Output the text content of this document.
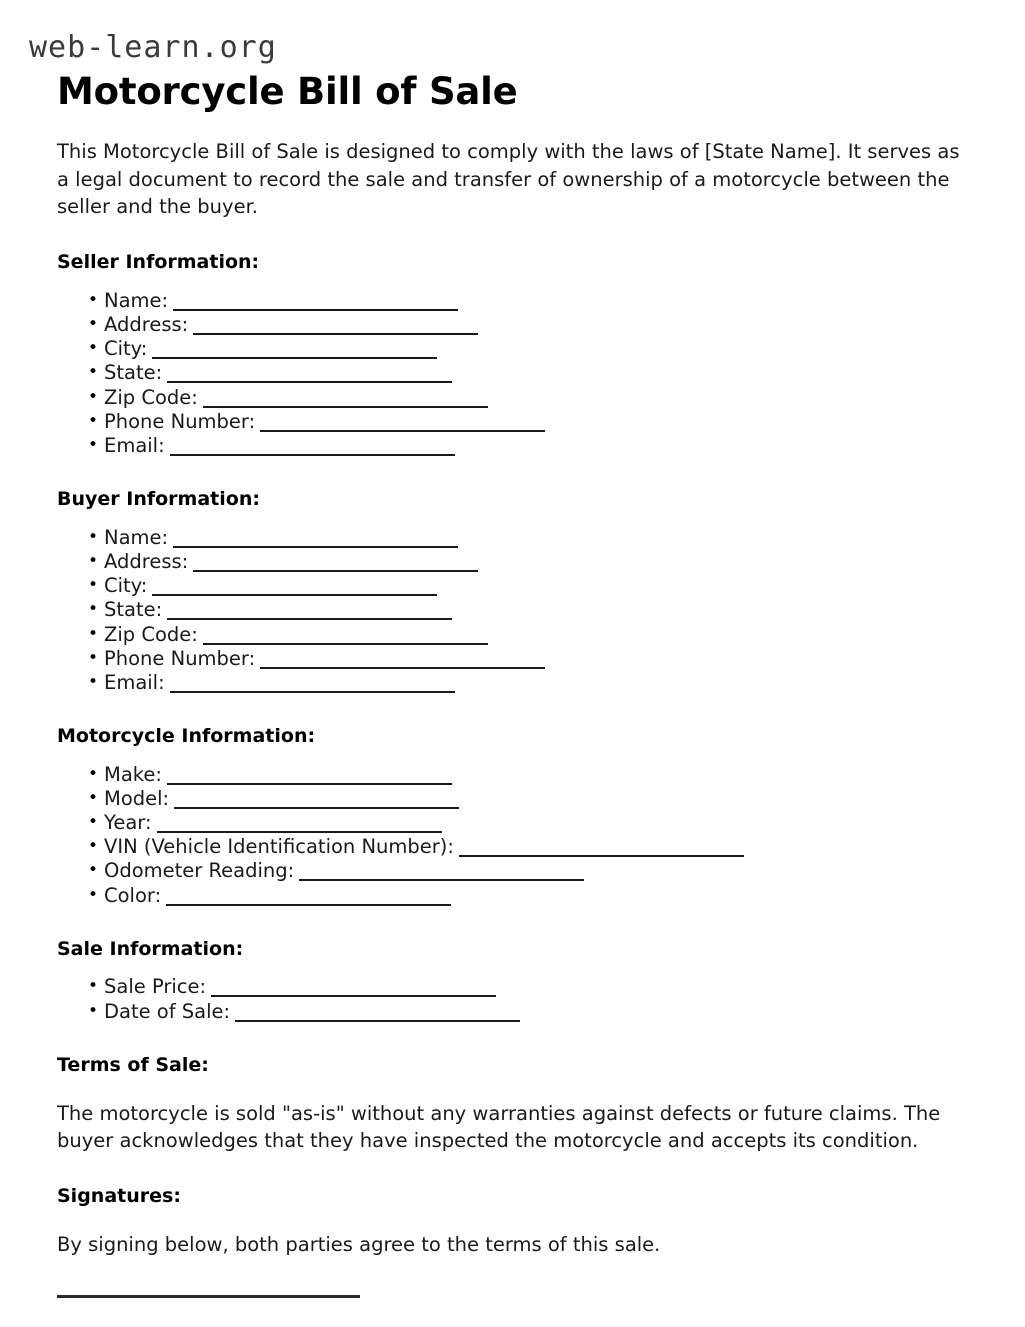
web-learn.org
Motorcycle Bill of Sale

This Motorcycle Bill of Sale is designed to comply with the laws of [State Name]. It serves as a legal document to record the sale and transfer of ownership of a motorcycle between the seller and the buyer.

Seller Information:
• Name:
• Address:
• City:
• State:
• Zip Code:
• Phone Number:
• Email:
Buyer Information:
• Name:
• Address:
• City:
• State:
• Zip Code:
• Phone Number:
• Email:
Motorcycle Information:
• Make:
• Model:
• Year:
• VIN (Vehicle Identification Number):
• Odometer Reading:
• Color:
Sale Information:
• Sale Price:
• Date of Sale:
Terms of Sale:

The motorcycle is sold "as-is" without any warranties against defects or future claims. The buyer acknowledges that they have inspected the motorcycle and accepts its condition.

Signatures:

By signing below, both parties agree to the terms of this sale.
